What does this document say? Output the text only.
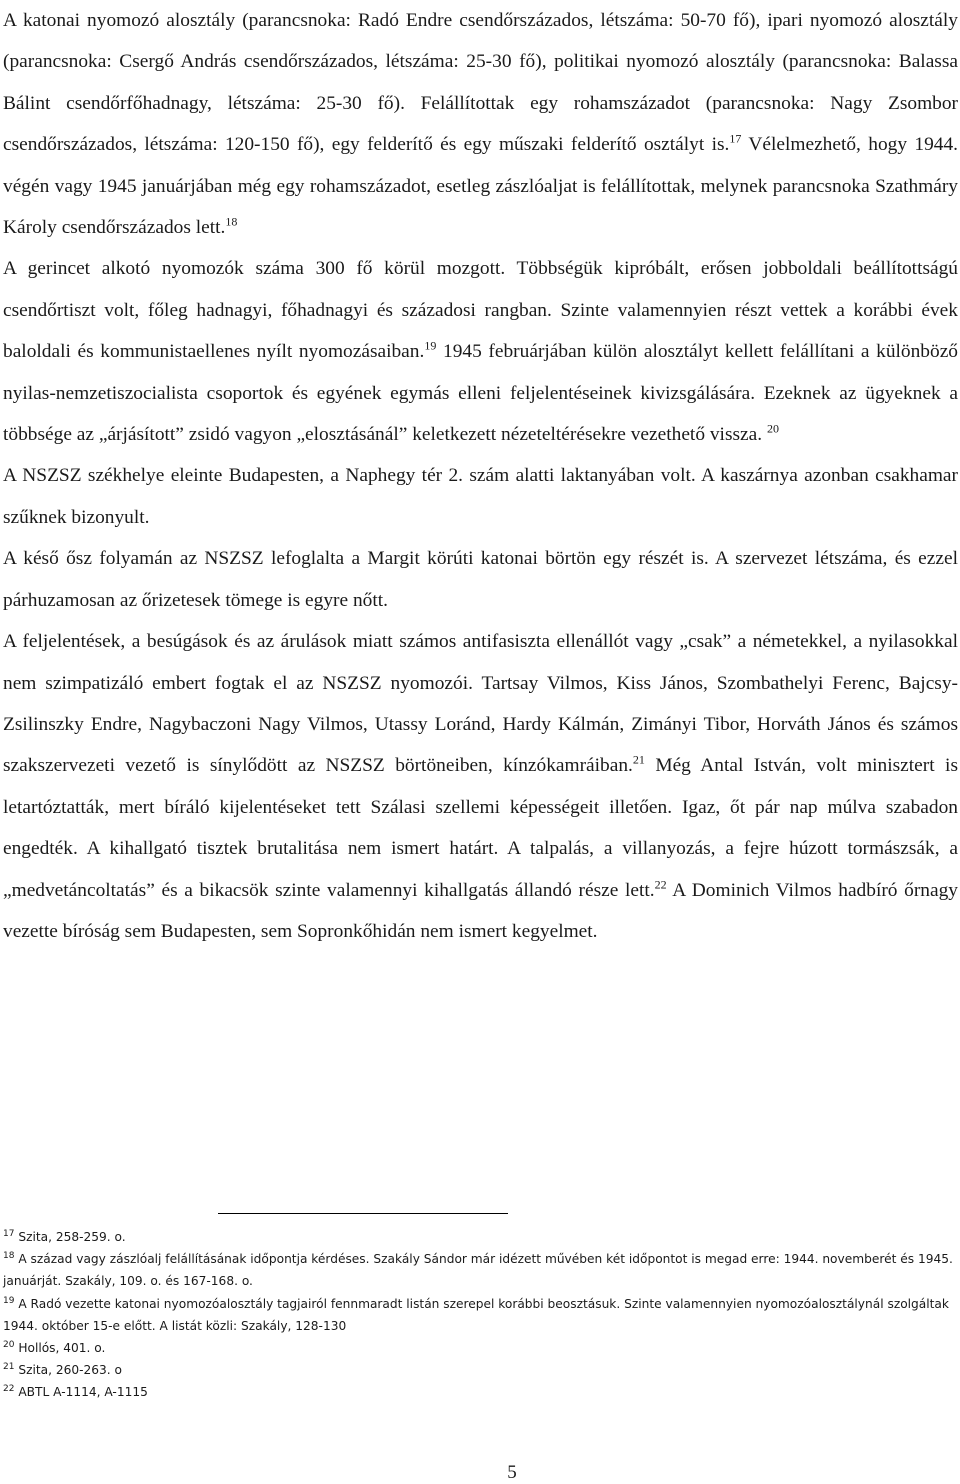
A katonai nyomozó alosztály (parancsnoka: Radó Endre csendőrszázados, létszáma: 50-70 fő), ipari nyomozó alosztály (parancsnoka: Csergő András csendőrszázados, létszáma: 25-30 fő), politikai nyomozó alosztály (parancsnoka: Balassa Bálint csendőrfőhadnagy, létszáma: 25-30 fő). Felállítottak egy rohamszázadot (parancsnoka: Nagy Zsombor csendőrszázados, létszáma: 120-150 fő), egy felderítő és egy műszaki felderítő osztályt is.$^{17}$ Vélelmezhető, hogy 1944. végén vagy 1945 januárjában még egy rohamszázadot, esetleg zászlóaljat is felállítottak, melynek parancsnoka Szathmáry Károly csendőrszázados lett.$^{18}$

A gerincet alkotó nyomozók száma 300 fő körül mozgott. Többségük kipróbált, erősen jobboldali beállítottságú csendőrtiszt volt, főleg hadnagyi, főhadnagyi és századosi rangban. Szinte valamennyien részt vettek a korábbi évek baloldali és kommunistaellenes nyílt nyomozásaiban.$^{19}$ 1945 februárjában külön alosztályt kellett felállítani a különböző nyilas-nemzetiszocialista csoportok és egyének egymás elleni feljelentéseinek kivizsgálására. Ezeknek az ügyeknek a többsége az „árjásított” zsidó vagyon „elosztásánál” keletkezett nézeteltérésekre vezethető vissza. $^{20}$

A NSZSZ székhelye eleinte Budapesten, a Naphegy tér 2. szám alatti laktanyában volt. A kaszárnya azonban csakhamar szűknek bizonyult.

A késő ősz folyamán az NSZSZ lefoglalta a Margit körúti katonai börtön egy részét is. A szervezet létszáma, és ezzel párhuzamosan az őrizetesek tömege is egyre nőtt.

A feljelentések, a besúgások és az árulások miatt számos antifasiszta ellenállót vagy „csak” a németekkel, a nyilasokkal nem szimpatizáló embert fogtak el az NSZSZ nyomozói. Tartsay Vilmos, Kiss János, Szombathelyi Ferenc, Bajcsy-Zsilinszky Endre, Nagybaczoni Nagy Vilmos, Utassy Loránd, Hardy Kálmán, Zimányi Tibor, Horváth János és számos szakszervezeti vezető is sínylődött az NSZSZ börtöneiben, kínzókamráiban.$^{21}$ Még Antal István, volt minisztert is letartóztatták, mert bíráló kijelentéseket tett Szálasi szellemi képességeit illetően. Igaz, őt pár nap múlva szabadon engedték. A kihallgató tisztek brutalitása nem ismert határt. A talpalás, a villanyozás, a fejre húzott tormászsák, a „medvetáncoltatás” és a bikacsök szinte valamennyi kihallgatás állandó része lett.$^{22}$ A Dominich Vilmos hadbíró őrnagy vezette bíróság sem Budapesten, sem Sopronkőhidán nem ismert kegyelmet.

$^{17}$ Szita, 258-259. o.

$^{18}$ A század vagy zászlóalj felállításának időpontja kérdéses. Szakály Sándor már idézett művében két időpontot is megad erre: 1944. novemberét és 1945. januárját. Szakály, 109. o. és 167-168. o.

$^{19}$ A Radó vezette katonai nyomozóalosztály tagjairól fennmaradt listán szerepel korábbi beosztásuk. Szinte valamennyien nyomozóalosztálynál szolgáltak 1944. október 15-e előtt. A listát közli: Szakály, 128-130

$^{20}$ Hollós, 401. o.

$^{21}$ Szita, 260-263. o

$^{22}$ ABTL A-1114, A-1115

5
